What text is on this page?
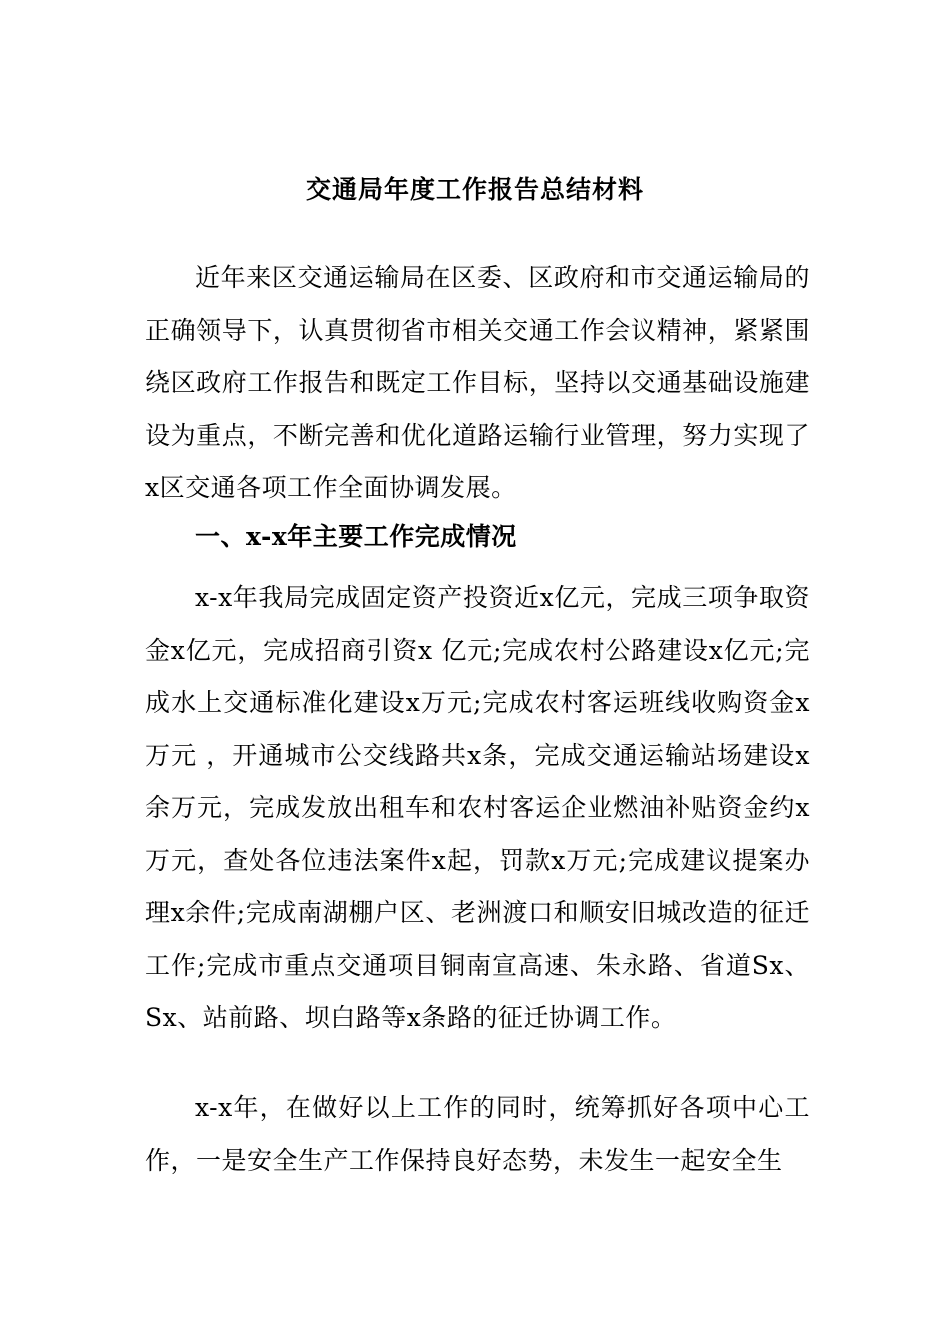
交通局年度工作报告总结材料

近年来区交通运输局在区委、区政府和市交通运输局的正确领导下，认真贯彻省市相关交通工作会议精神，紧紧围绕区政府工作报告和既定工作目标，坚持以交通基础设施建设为重点，不断完善和优化道路运输行业管理，努力实现了x区交通各项工作全面协调发展。

一、x-x年主要工作完成情况

x-x年我局完成固定资产投资近x亿元，完成三项争取资金x亿元，完成招商引资x 亿元;完成农村公路建设x亿元;完成水上交通标准化建设x万元;完成农村客运班线收购资金x万元 ，开通城市公交线路共x条，完成交通运输站场建设x余万元，完成发放出租车和农村客运企业燃油补贴资金约x万元，查处各位违法案件x起，罚款x万元;完成建议提案办理x余件;完成南湖棚户区、老洲渡口和顺安旧城改造的征迁工作;完成市重点交通项目铜南宣高速、朱永路、省道Sx、Sx、站前路、坝白路等x条路的征迁协调工作。

x-x年，在做好以上工作的同时，统筹抓好各项中心工作，一是安全生产工作保持良好态势，未发生一起安全生
